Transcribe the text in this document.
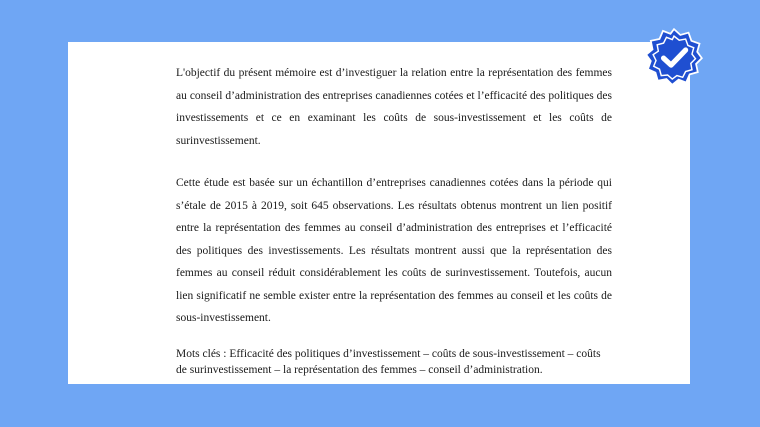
L'objectif du présent mémoire est d’investiguer la relation entre la représentation des femmes au conseil d’administration des entreprises canadiennes cotées et l’efficacité des politiques des investissements et ce en examinant les coûts de sous-investissement et les coûts de surinvestissement.

Cette étude est basée sur un échantillon d’entreprises canadiennes cotées dans la période qui s’étale de 2015 à 2019, soit 645 observations. Les résultats obtenus montrent un lien positif entre la représentation des femmes au conseil d’administration des entreprises et l’efficacité des politiques des investissements. Les résultats montrent aussi que la représentation des femmes au conseil réduit considérablement les coûts de surinvestissement. Toutefois, aucun lien significatif ne semble exister entre la représentation des femmes au conseil et les coûts de sous-investissement.

Mots clés : Efficacité des politiques d’investissement – coûts de sous-investissement – coûts de surinvestissement – la représentation des femmes – conseil d’administration.
